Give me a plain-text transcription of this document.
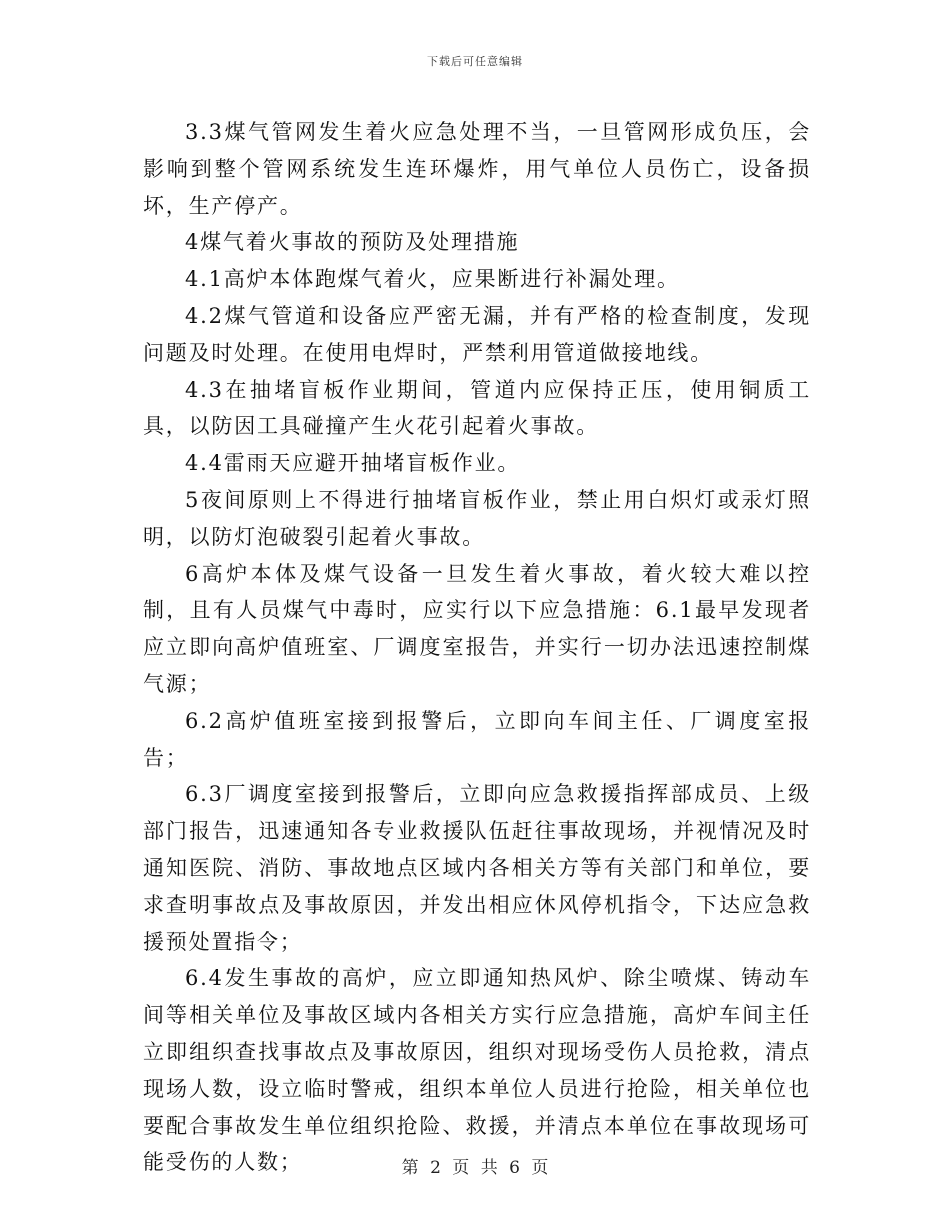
下载后可任意编辑

3.3煤气管网发生着火应急处理不当，一旦管网形成负压，会影响到整个管网系统发生连环爆炸，用气单位人员伤亡，设备损坏，生产停产。

4煤气着火事故的预防及处理措施

4.1高炉本体跑煤气着火，应果断进行补漏处理。

4.2煤气管道和设备应严密无漏，并有严格的检查制度，发现问题及时处理。在使用电焊时，严禁利用管道做接地线。

4.3在抽堵盲板作业期间，管道内应保持正压，使用铜质工具，以防因工具碰撞产生火花引起着火事故。

4.4雷雨天应避开抽堵盲板作业。

5夜间原则上不得进行抽堵盲板作业，禁止用白炽灯或汞灯照明，以防灯泡破裂引起着火事故。

6高炉本体及煤气设备一旦发生着火事故，着火较大难以控制，且有人员煤气中毒时，应实行以下应急措施：6.1最早发现者应立即向高炉值班室、厂调度室报告，并实行一切办法迅速控制煤气源；

6.2高炉值班室接到报警后，立即向车间主任、厂调度室报告；

6.3厂调度室接到报警后，立即向应急救援指挥部成员、上级部门报告，迅速通知各专业救援队伍赶往事故现场，并视情况及时通知医院、消防、事故地点区域内各相关方等有关部门和单位，要求查明事故点及事故原因，并发出相应休风停机指令，下达应急救援预处置指令；

6.4发生事故的高炉，应立即通知热风炉、除尘喷煤、铸动车间等相关单位及事故区域内各相关方实行应急措施，高炉车间主任立即组织查找事故点及事故原因，组织对现场受伤人员抢救，清点现场人数，设立临时警戒，组织本单位人员进行抢险，相关单位也要配合事故发生单位组织抢险、救援，并清点本单位在事故现场可能受伤的人数；	第 2 页 共 6 页
